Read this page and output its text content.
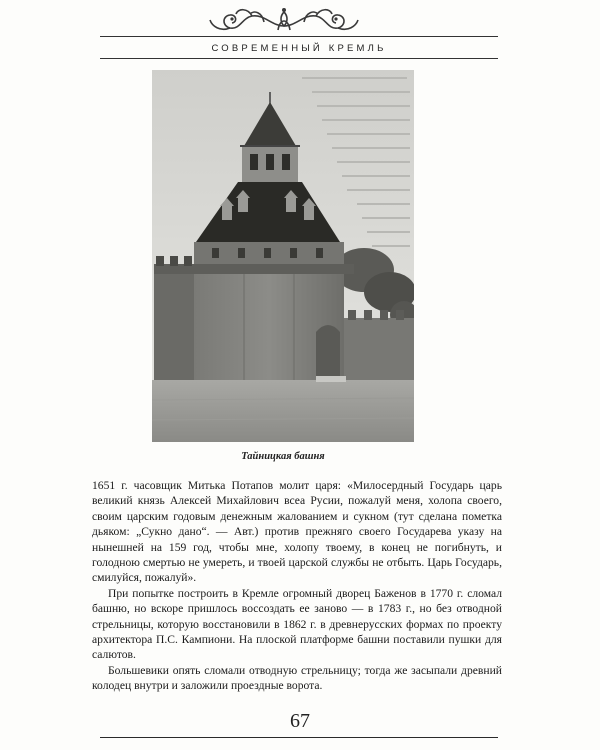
СОВРЕМЕННЫЙ КРЕМЛЬ
Тайницкая башня

1651 г. часовщик Митька Потапов молит царя: «Милосердный Государь царь великий князь Алексей Михайлович всеа Русии, пожалуй меня, холопа своего, своим царским годовым денежным жалованием и сукном (тут сделана пометка дьяком: „Сукно дано“. — Авт.) против прежняго своего Государева указу на нынешней на 159 год, чтобы мне, холопу твоему, в конец не погибнуть, и голодною смертью не умереть, и твоей царской службы не отбыть. Царь Государь, смилуйся, пожалуй».

При попытке построить в Кремле огромный дворец Баженов в 1770 г. сломал башню, но вскоре пришлось воссоздать ее заново — в 1783 г., но без отводной стрельницы, которую восстановили в 1862 г. в древнерусских формах по проекту архитектора П.С. Кампиони. На плоской платформе башни поставили пушки для салютов.

Большевики опять сломали отводную стрельницу; тогда же засыпали древний колодец внутри и заложили проездные ворота.

67
